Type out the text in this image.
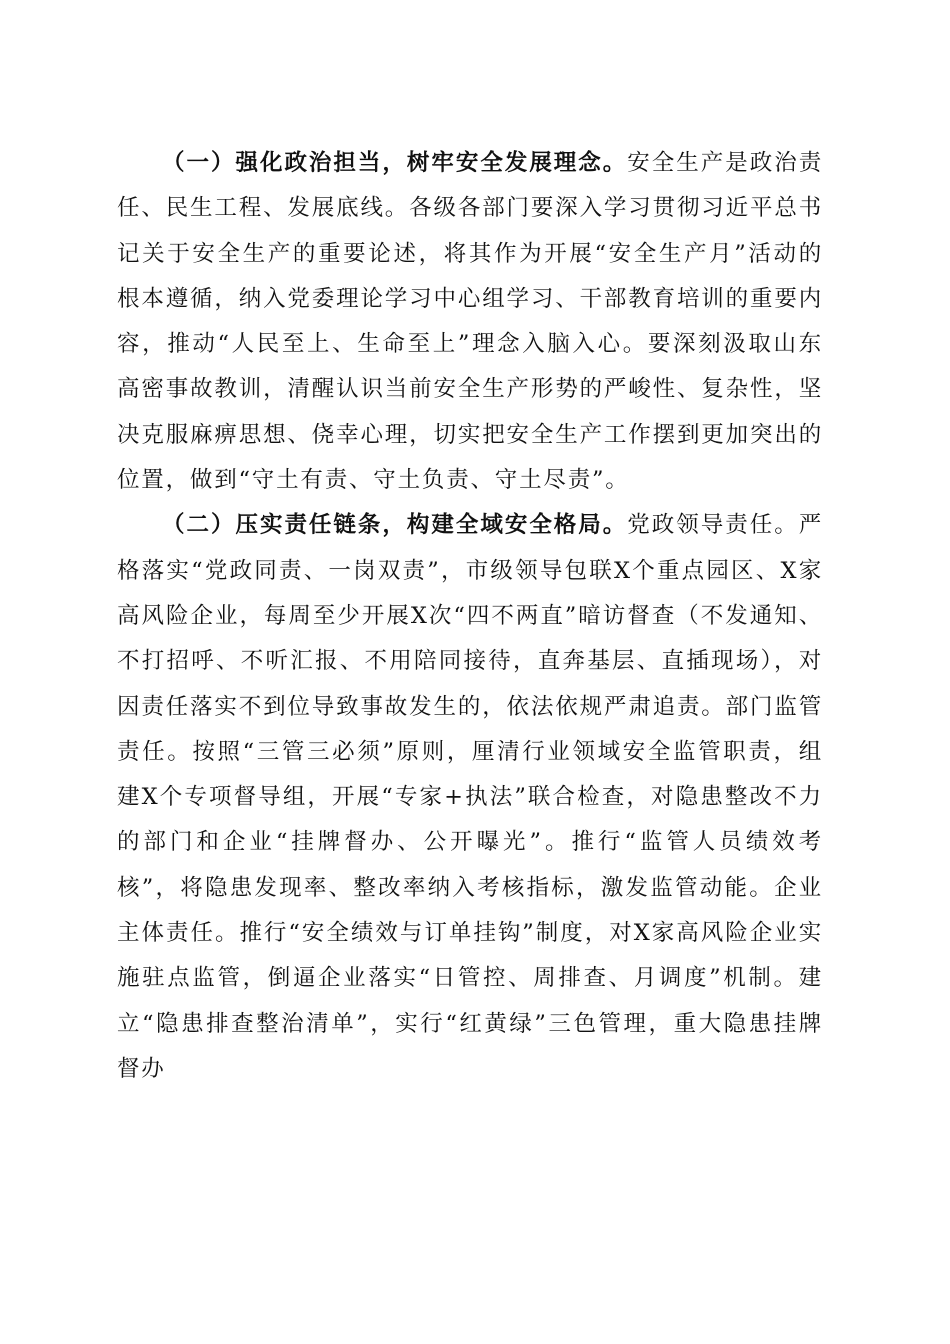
（一）强化政治担当，树牢安全发展理念。安全生产是政治责任、民生工程、发展底线。各级各部门要深入学习贯彻习近平总书记关于安全生产的重要论述，将其作为开展“安全生产月”活动的根本遵循，纳入党委理论学习中心组学习、干部教育培训的重要内容，推动“人民至上、生命至上”理念入脑入心。要深刻汲取山东高密事故教训，清醒认识当前安全生产形势的严峻性、复杂性，坚决克服麻痹思想、侥幸心理，切实把安全生产工作摆到更加突出的位置，做到“守土有责、守土负责、守土尽责”。

（二）压实责任链条，构建全域安全格局。党政领导责任。严格落实“党政同责、一岗双责”，市级领导包联X个重点园区、X家高风险企业，每周至少开展X次“四不两直”暗访督查（不发通知、不打招呼、不听汇报、不用陪同接待，直奔基层、直插现场），对因责任落实不到位导致事故发生的，依法依规严肃追责。部门监管责任。按照“三管三必须”原则，厘清行业领域安全监管职责，组建X个专项督导组，开展“专家+执法”联合检查，对隐患整改不力的部门和企业“挂牌督办、公开曝光”。推行“监管人员绩效考核”，将隐患发现率、整改率纳入考核指标，激发监管动能。企业主体责任。推行“安全绩效与订单挂钩”制度，对X家高风险企业实施驻点监管，倒逼企业落实“日管控、周排查、月调度”机制。建立“隐患排查整治清单”，实行“红黄绿”三色管理，重大隐患挂牌督办
